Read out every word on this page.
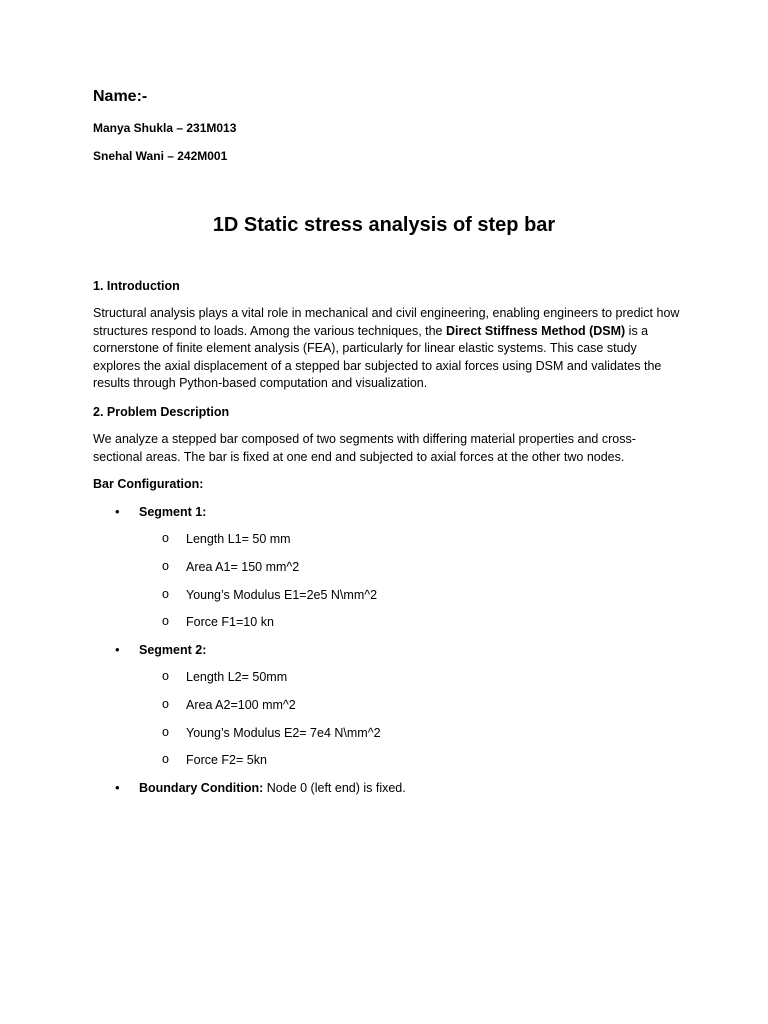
Name:-
Manya Shukla – 231M013
Snehal Wani – 242M001
1D Static stress analysis of step bar
1. Introduction
Structural analysis plays a vital role in mechanical and civil engineering, enabling engineers to predict how structures respond to loads. Among the various techniques, the Direct Stiffness Method (DSM) is a cornerstone of finite element analysis (FEA), particularly for linear elastic systems. This case study explores the axial displacement of a stepped bar subjected to axial forces using DSM and validates the results through Python-based computation and visualization.
2. Problem Description
We analyze a stepped bar composed of two segments with differing material properties and cross-sectional areas. The bar is fixed at one end and subjected to axial forces at the other two nodes.
Bar Configuration:
• Segment 1:
o Length L1= 50 mm
o Area A1= 150 mm^2
o Young’s Modulus E1=2e5 N\mm^2
o Force F1=10 kn
• Segment 2:
o Length L2= 50mm
o Area A2=100 mm^2
o Young’s Modulus E2= 7e4 N\mm^2
o Force F2= 5kn
• Boundary Condition: Node 0 (left end) is fixed.
